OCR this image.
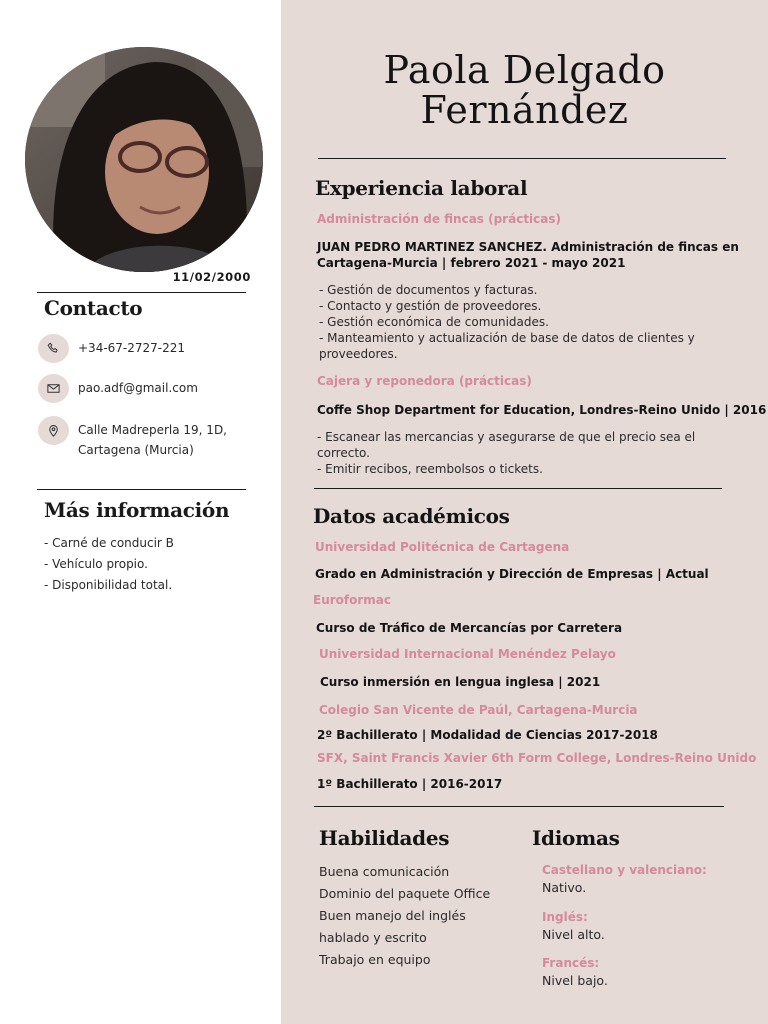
11/02/2000
Contacto
+34-67-2727-221
pao.adf@gmail.com
Calle Madreperla 19, 1D,
Cartagena (Murcia)
Más información
- Carné de conducir B
- Vehículo propio.
- Disponibilidad total.
Paola Delgado
Fernández
Experiencia laboral
Administración de fincas (prácticas)
JUAN PEDRO MARTINEZ SANCHEZ. Administración de fincas en
Cartagena-Murcia | febrero 2021 - mayo 2021
- Gestión de documentos y facturas.
- Contacto y gestión de proveedores.
- Gestión económica de comunidades.
- Manteamiento y actualización de base de datos de clientes y
proveedores.
Cajera y reponedora (prácticas)
Coffe Shop Department for Education, Londres-Reino Unido | 2016
- Escanear las mercancias y asegurarse de que el precio sea el
correcto.
- Emitir recibos, reembolsos o tickets.
Datos académicos
Universidad Politécnica de Cartagena
Grado en Administración y Dirección de Empresas | Actual
Euroformac
Curso de Tráfico de Mercancías por Carretera
Universidad Internacional Menéndez Pelayo
Curso inmersión en lengua inglesa | 2021
Colegio San Vicente de Paúl, Cartagena-Murcia
2º Bachillerato | Modalidad de Ciencias 2017-2018
SFX, Saint Francis Xavier 6th Form College, Londres-Reino Unido
1º Bachillerato | 2016-2017
Habilidades
Buena comunicación
Dominio del paquete Office
Buen manejo del inglés
hablado y escrito
Trabajo en equipo
Idiomas
Castellano y valenciano:
Nativo.
Inglés:
Nivel alto.
Francés:
Nivel bajo.
